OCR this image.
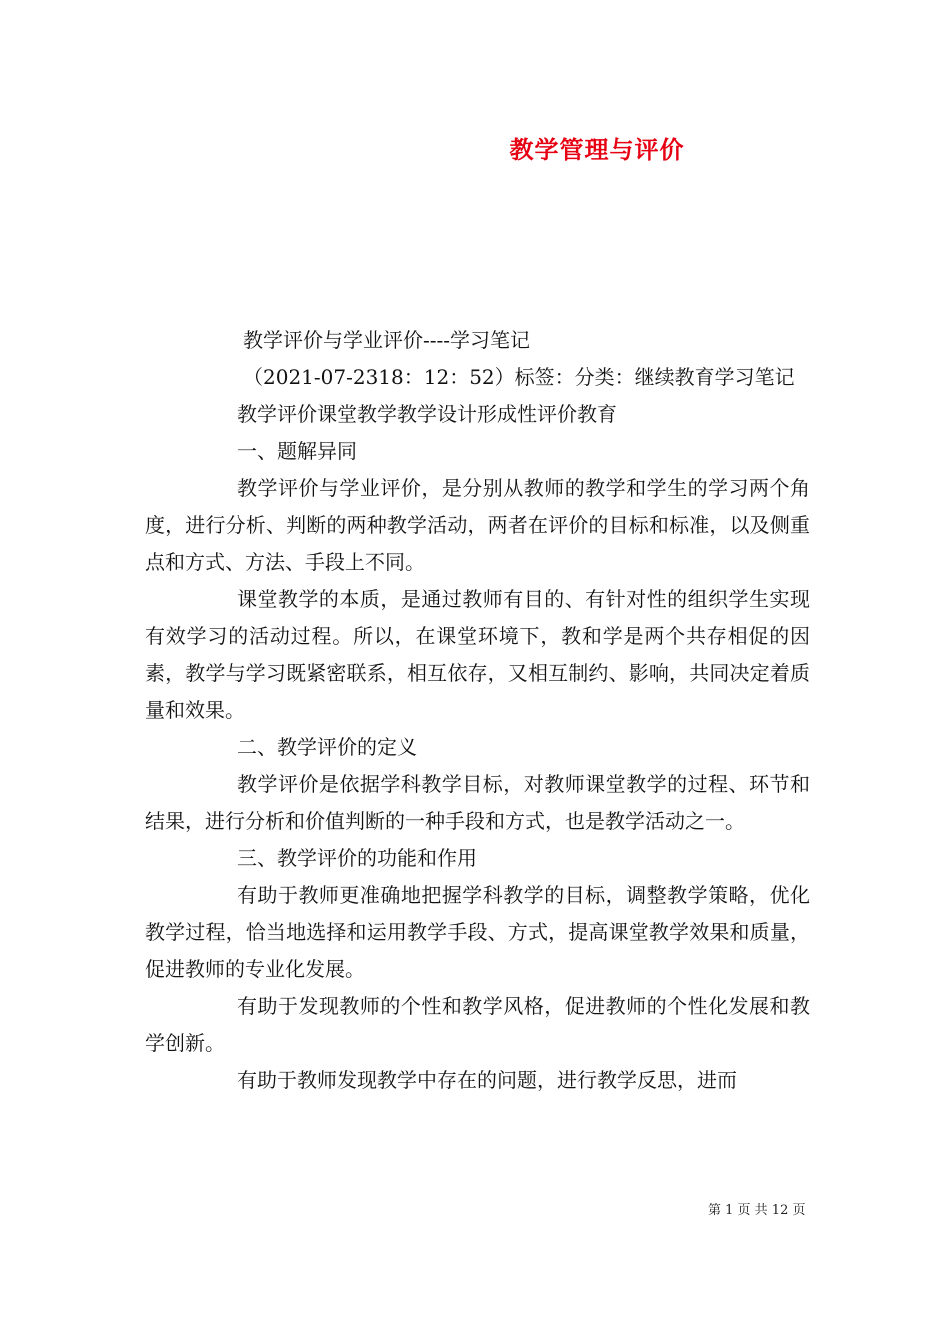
教学管理与评价

教学评价与学业评价----学习笔记

（2021-07-2318：12：52）标签：分类：继续教育学习笔记

教学评价课堂教学教学设计形成性评价教育

一、题解异同

教学评价与学业评价，是分别从教师的教学和学生的学习两个角度，进行分析、判断的两种教学活动，两者在评价的目标和标准，以及侧重点和方式、方法、手段上不同。

课堂教学的本质，是通过教师有目的、有针对性的组织学生实现有效学习的活动过程。所以，在课堂环境下，教和学是两个共存相促的因素，教学与学习既紧密联系，相互依存，又相互制约、影响，共同决定着质量和效果。

二、教学评价的定义

教学评价是依据学科教学目标，对教师课堂教学的过程、环节和结果，进行分析和价值判断的一种手段和方式，也是教学活动之一。

三、教学评价的功能和作用

有助于教师更准确地把握学科教学的目标，调整教学策略，优化教学过程，恰当地选择和运用教学手段、方式，提高课堂教学效果和质量，促进教师的专业化发展。

有助于发现教师的个性和教学风格，促进教师的个性化发展和教学创新。

有助于教师发现教学中存在的问题，进行教学反思，进而

第 1 页 共 12 页
